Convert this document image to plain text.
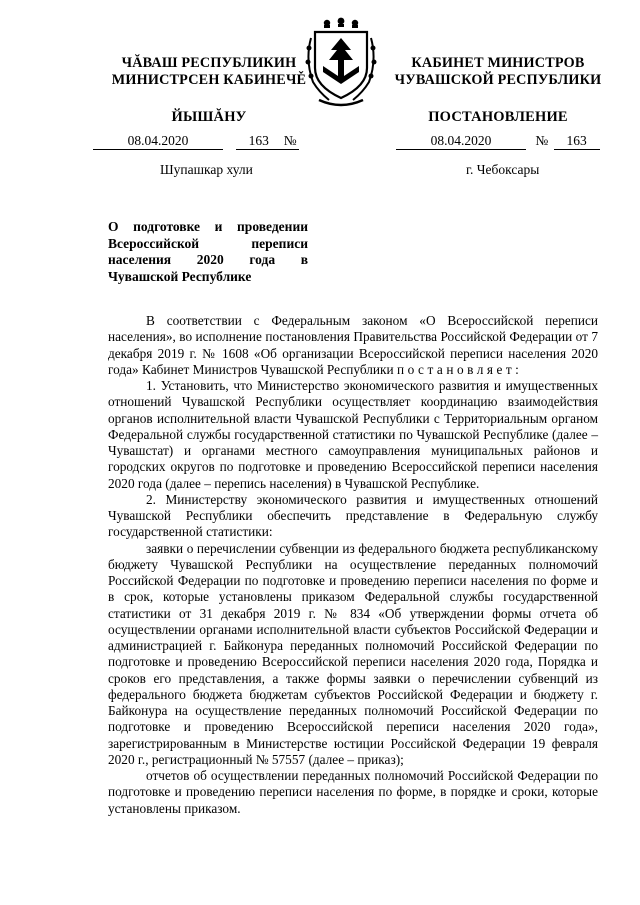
ЧĂВАШ РЕСПУБЛИКИН
МИНИСТРСЕН КАБИНЕЧĚ
ЙЫШĂНУ
КАБИНЕТ МИНИСТРОВ
ЧУВАШСКОЙ РЕСПУБЛИКИ
ПОСТАНОВЛЕНИЕ
08.04.2020	163 №	08.04.2020	№ 163
Шупашкар хули	г. Чебоксары
О подготовке и проведении Всероссийской переписи населения 2020 года в Чувашской Республике

В соответствии с Федеральным законом «О Всероссийской переписи населения», во исполнение постановления Правительства Российской Федерации от 7 декабря 2019 г. № 1608 «Об организации Всероссийской переписи населения 2020 года» Кабинет Министров Чувашской Республики постановляет:

1. Установить, что Министерство экономического развития и имущественных отношений Чувашской Республики осуществляет координацию взаимодействия органов исполнительной власти Чувашской Республики с Территориальным органом Федеральной службы государственной статистики по Чувашской Республике (далее – Чувашстат) и органами местного самоуправления муниципальных районов и городских округов по подготовке и проведению Всероссийской переписи населения 2020 года (далее – перепись населения) в Чувашской Республике.

2. Министерству экономического развития и имущественных отношений Чувашской Республики обеспечить представление в Федеральную службу государственной статистики:

заявки о перечислении субвенции из федерального бюджета республиканскому бюджету Чувашской Республики на осуществление переданных полномочий Российской Федерации по подготовке и проведению переписи населения по форме и в срок, которые установлены приказом Федеральной службы государственной статистики от 31 декабря 2019 г. № 834 «Об утверждении формы отчета об осуществлении органами исполнительной власти субъектов Российской Федерации и администрацией г. Байконура переданных полномочий Российской Федерации по подготовке и проведению Всероссийской переписи населения 2020 года, Порядка и сроков его представления, а также формы заявки о перечислении субвенций из федерального бюджета бюджетам субъектов Российской Федерации и бюджету г. Байконура на осуществление переданных полномочий Российской Федерации по подготовке и проведению Всероссийской переписи населения 2020 года», зарегистрированным в Министерстве юстиции Российской Федерации 19 февраля 2020 г., регистрационный № 57557 (далее – приказ);

отчетов об осуществлении переданных полномочий Российской Федерации по подготовке и проведению переписи населения по форме, в порядке и сроки, которые установлены приказом.
